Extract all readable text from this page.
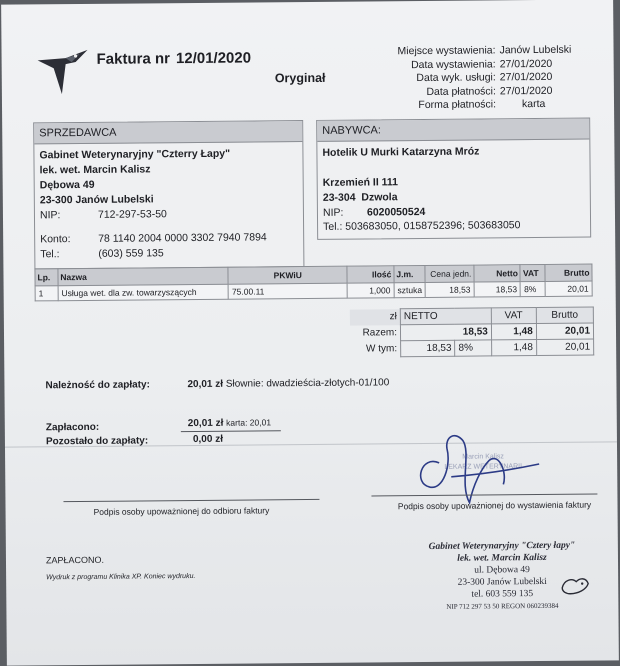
Faktura nr 12/01/2020
Oryginał
Miejsce wystawienia: Janów Lubelski
Data wystawienia: 27/01/2020
Data wyk. usługi: 27/01/2020
Data płatności: 27/01/2020
Forma płatności:	karta
SPRZEDAWCA
Gabinet Weterynaryjny "Czterry Łapy"
lek. wet. Marcin Kalisz
Dębowa 49
23-300 Janów Lubelski
NIP:	712-297-53-50
Konto:	78 1140 2004 0000 3302 7940 7894
Tel.:	(603) 559 135
NABYWCA:
Hotelik U Murki Katarzyna Mróz
Krzemień II 111
23-304 Dzwola
NIP: 6020050524
Tel.: 503683050, 0158752396; 503683050
Lp.	Nazwa	PKWiU	Ilość	J.m.	Cena jedn.	Netto	VAT	Brutto
1	Usługa wet. dla zw. towarzyszących	75.00.11	1,000	sztuka	18,53	18,53	8%	20,01
zł	NETTO		VAT	Brutto
Razem:	18,53		1,48	20,01
W tym:	18,53	8%	1,48	20,01
Należność do zapłaty:	20,01 zł Słownie: dwadzieścia-złotych-01/100
Zapłacono:	20,01 zł karta: 20,01
Pozostało do zapłaty:	0,00 zł
Podpis osoby upoważnionej do odbioru faktury
Marcin Kalisz
LEKARZ WETERYNARII
Podpis osoby upoważnionej do wystawienia faktury
ZAPŁACONO.
Wydruk z programu Klinika XP. Koniec wydruku.
Gabinet Weterynaryjny "Cztery łapy"
lek. wet. Marcin Kalisz
ul. Dębowa 49
23-300 Janów Lubelski
tel. 603 559 135
NIP 712 297 53 50 REGON 060239384
